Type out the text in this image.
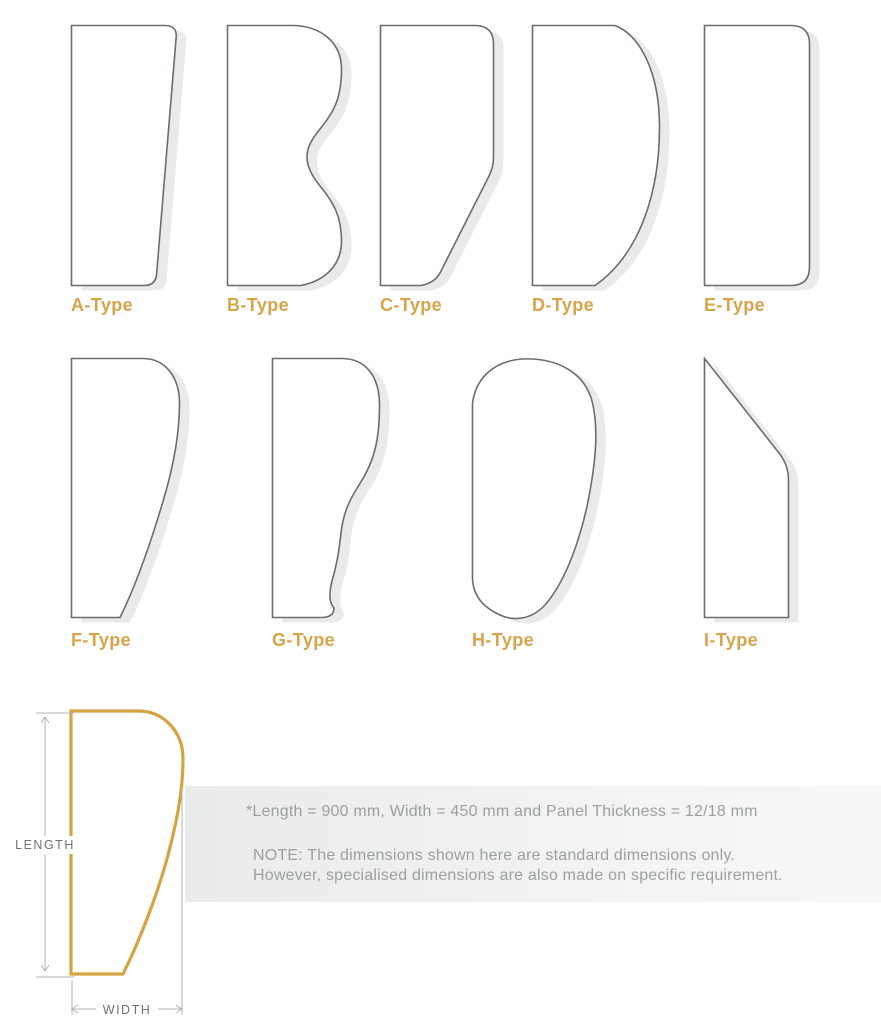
A-Type	B-Type	C-Type	D-Type	E-Type
F-Type	G-Type	H-Type	I-Type
*Length = 900 mm, Width = 450 mm and Panel Thickness = 12/18 mm
NOTE: The dimensions shown here are standard dimensions only.
However, specialised dimensions are also made on specific requirement.
LENGTH
WIDTH
